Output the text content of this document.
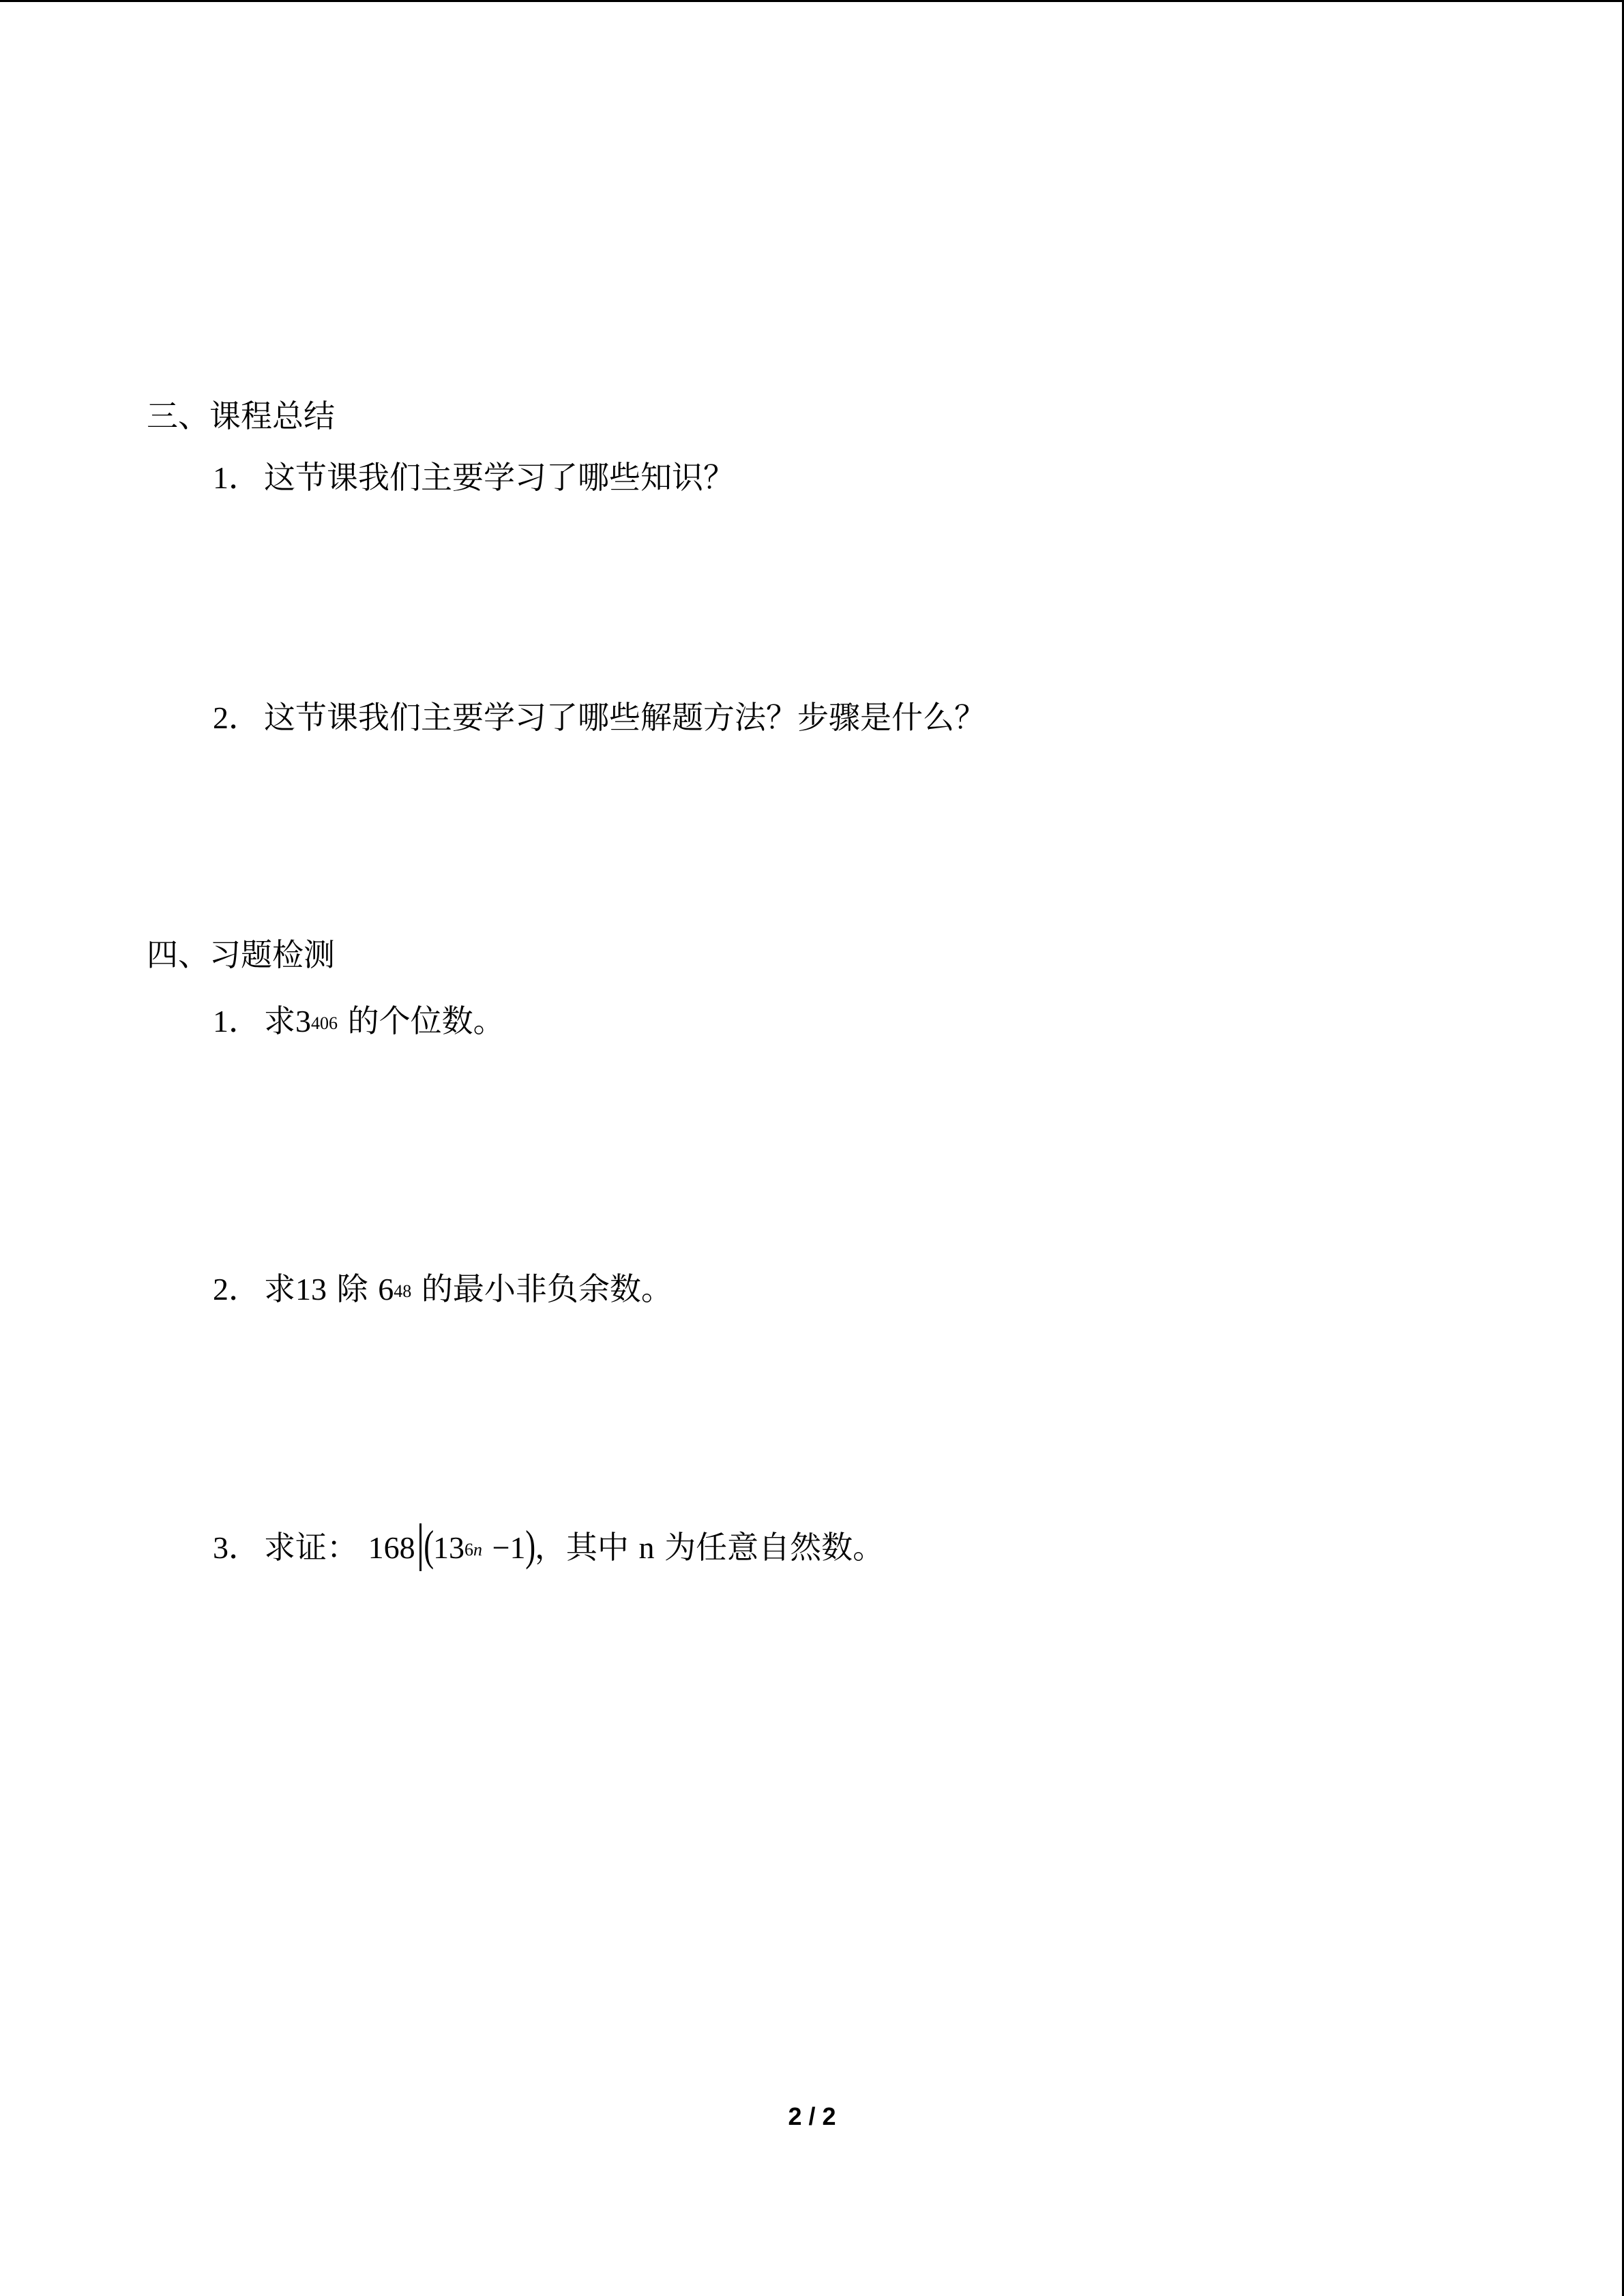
三、课程总结
1． 这节课我们主要学习了哪些知识？
2． 这节课我们主要学习了哪些解题方法？步骤是什么？
四、习题检测
1． 求$3^{406}$ 的个位数。
2． 求13 除 $6^{48}$ 的最小非负余数。
3． 求证： 168 $(13^{6n} -1)$，其中 n 为任意自然数。
2 / 2
